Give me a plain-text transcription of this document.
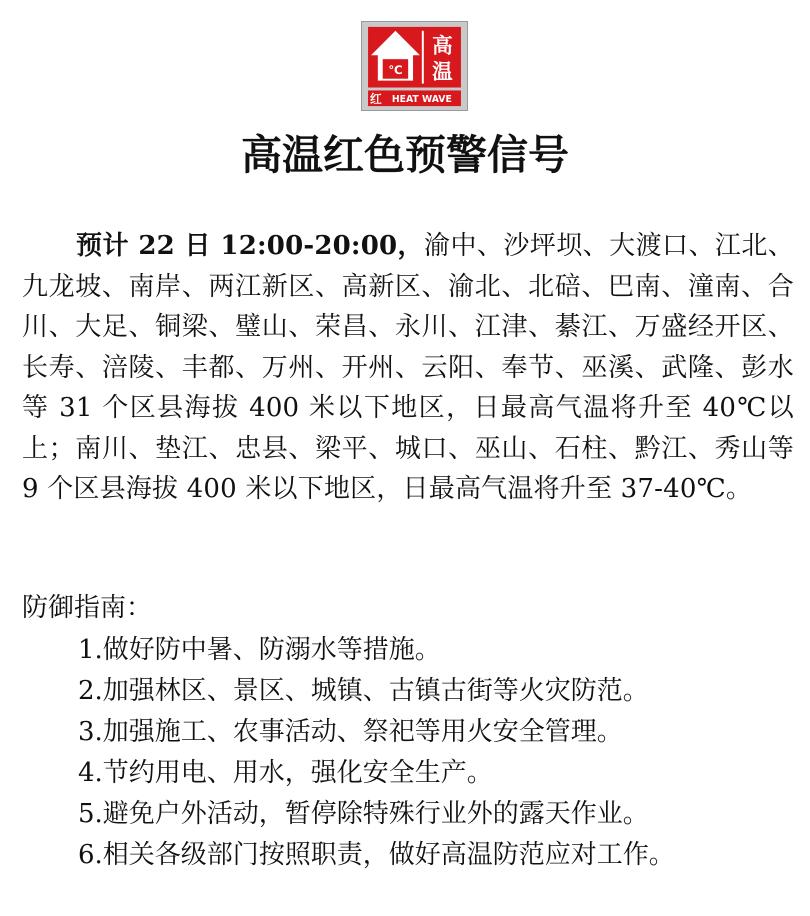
℃
高
温
红 HEAT WAVE
高温红色预警信号

预计 22 日 12:00-20:00，渝中、沙坪坝、大渡口、江北、九龙坡、南岸、两江新区、高新区、渝北、北碚、巴南、潼南、合川、大足、铜梁、璧山、荣昌、永川、江津、綦江、万盛经开区、长寿、涪陵、丰都、万州、开州、云阳、奉节、巫溪、武隆、彭水等 31 个区县海拔 400 米以下地区，日最高气温将升至 40℃以上；南川、垫江、忠县、梁平、城口、巫山、石柱、黔江、秀山等 9 个区县海拔 400 米以下地区，日最高气温将升至 37-40℃。

防御指南：
1.做好防中暑、防溺水等措施。
2.加强林区、景区、城镇、古镇古街等火灾防范。
3.加强施工、农事活动、祭祀等用火安全管理。
4.节约用电、用水，强化安全生产。
5.避免户外活动，暂停除特殊行业外的露天作业。
6.相关各级部门按照职责，做好高温防范应对工作。
